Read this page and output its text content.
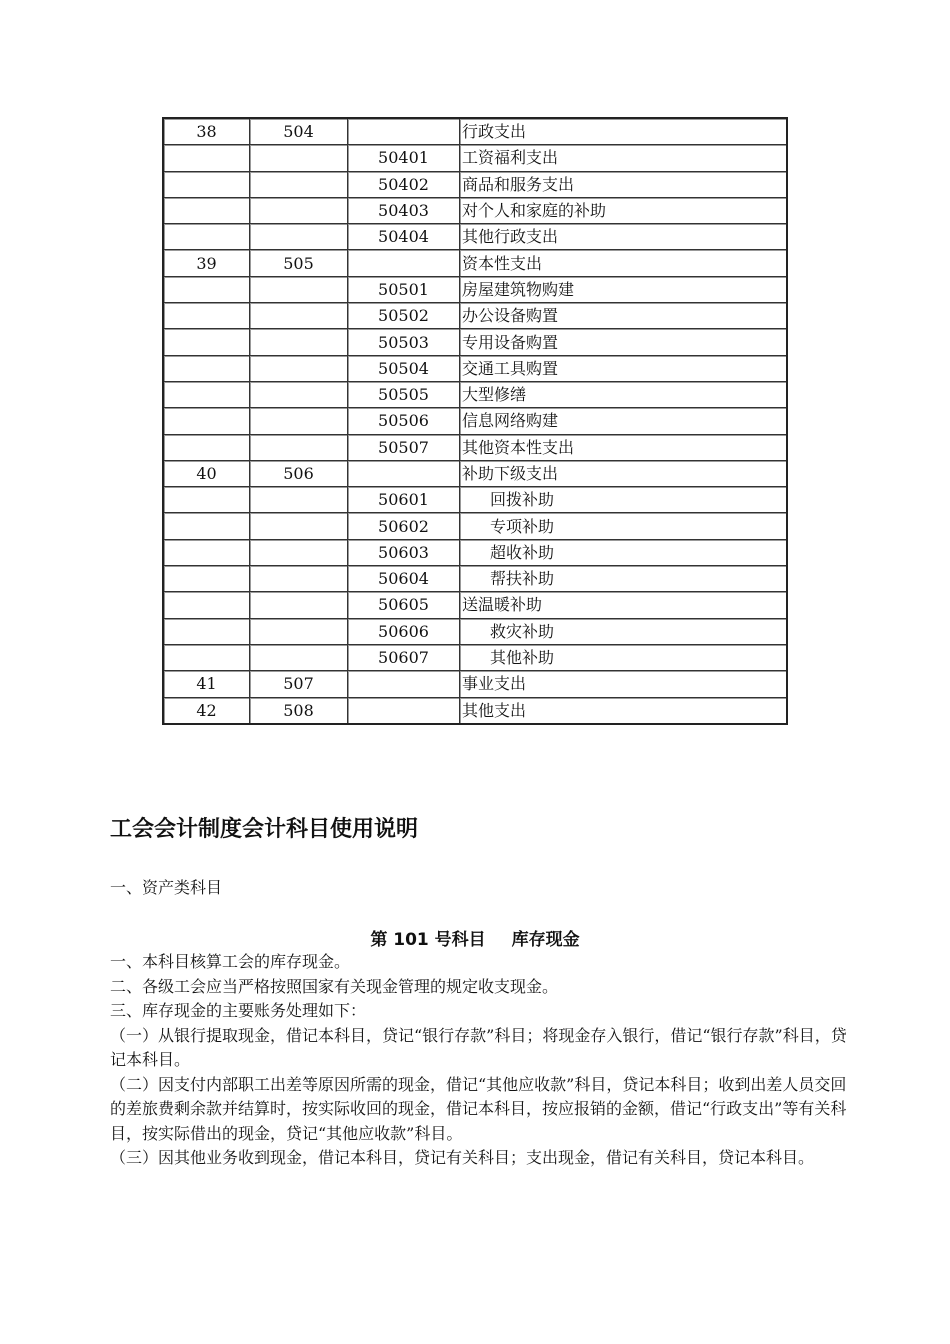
38	504		行政支出
		50401	工资福利支出
		50402	商品和服务支出
		50403	对个人和家庭的补助
		50404	其他行政支出
39	505		资本性支出
		50501	房屋建筑物购建
		50502	办公设备购置
		50503	专用设备购置
		50504	交通工具购置
		50505	大型修缮
		50506	信息网络购建
		50507	其他资本性支出
40	506		补助下级支出
		50601	回拨补助
		50602	专项补助
		50603	超收补助
		50604	帮扶补助
		50605	送温暖补助
		50606	救灾补助
		50607	其他补助
41	507		事业支出
42	508		其他支出
工会会计制度会计科目使用说明

一、资产类科目

第 101 号科目 库存现金

一、本科目核算工会的库存现金。

二、各级工会应当严格按照国家有关现金管理的规定收支现金。

三、库存现金的主要账务处理如下：

（一）从银行提取现金，借记本科目，贷记“银行存款”科目；将现金存入银行，借记“银行存款”科目，贷记本科目。

（二）因支付内部职工出差等原因所需的现金，借记“其他应收款”科目，贷记本科目；收到出差人员交回的差旅费剩余款并结算时，按实际收回的现金，借记本科目，按应报销的金额，借记“行政支出”等有关科目，按实际借出的现金，贷记“其他应收款”科目。

（三）因其他业务收到现金，借记本科目，贷记有关科目；支出现金，借记有关科目，贷记本科目。
